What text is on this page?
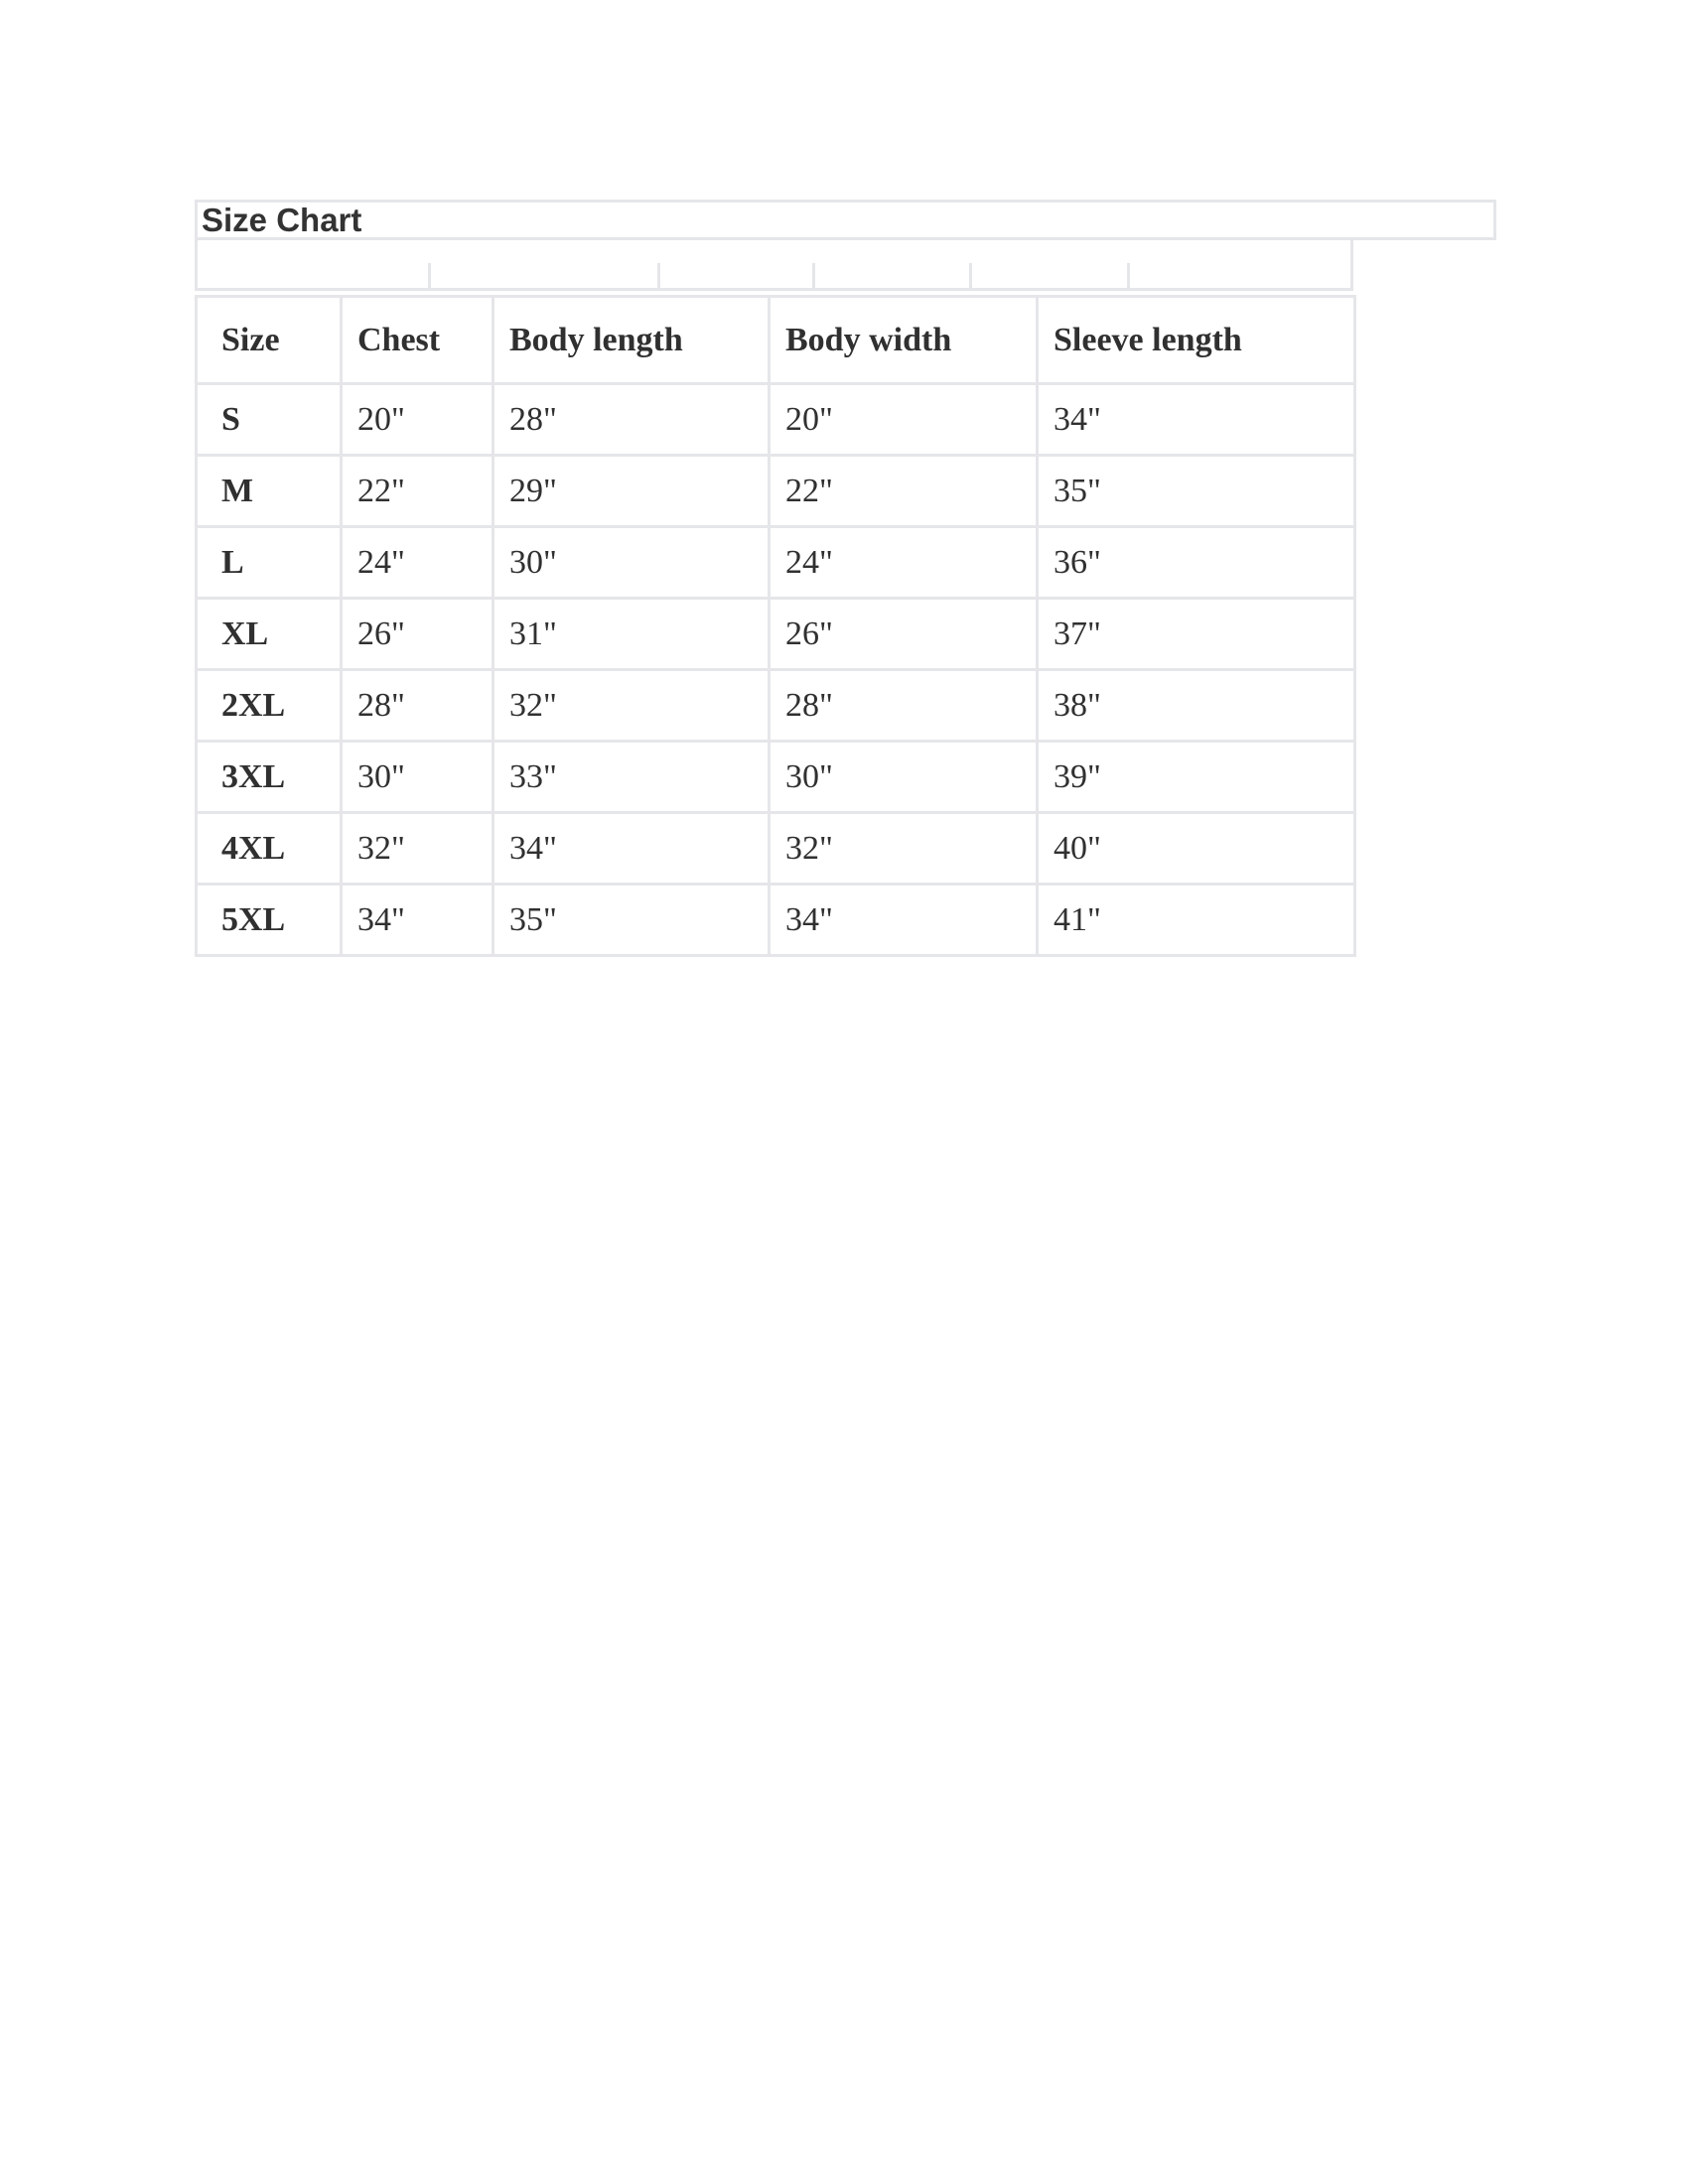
Size Chart
Size	Chest	Body length	Body width	Sleeve length
S	20"	28"	20"	34"
M	22"	29"	22"	35"
L	24"	30"	24"	36"
XL	26"	31"	26"	37"
2XL	28"	32"	28"	38"
3XL	30"	33"	30"	39"
4XL	32"	34"	32"	40"
5XL	34"	35"	34"	41"
